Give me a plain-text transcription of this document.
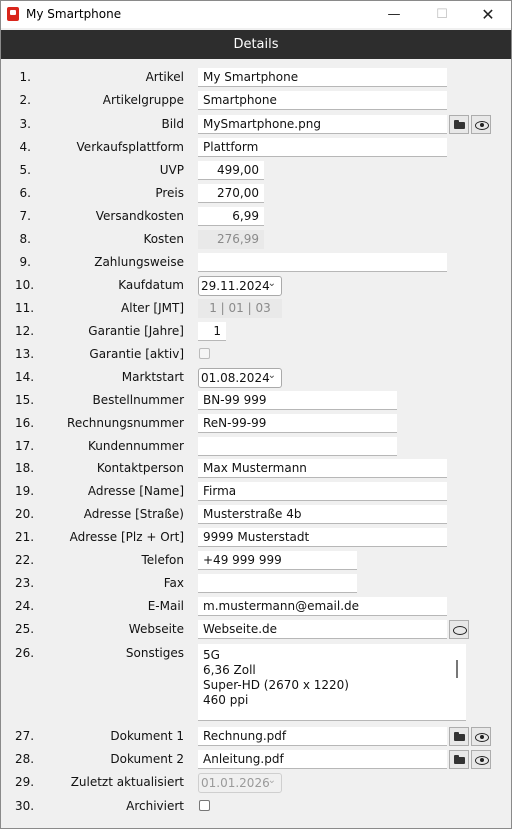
My Smartphone	—	☐	✕
Details
1.	Artikel	My Smartphone
2.	Artikelgruppe	Smartphone
3.	Bild	MySmartphone.png
4.	Verkaufsplattform	Plattform
5.	UVP	499,00
6.	Preis	270,00
7.	Versandkosten	6,99
8.	Kosten	276,99
9.	Zahlungsweise
10.	Kaufdatum 29.11.2024
⌄
11.	Alter [JMT]	1 | 01 | 03
12.	Garantie [Jahre]	1
13.	Garantie [aktiv]
14.	Marktstart 01.08.2024
⌄
15.	Bestellnummer	BN-99 999
16.	Rechnungsnummer	ReN-99-99
17.	Kundennummer
18.	Kontaktperson	Max Mustermann
19.	Adresse [Name]	Firma
20.	Adresse [Straße)	Musterstraße 4b
21.	Adresse [Plz + Ort]	9999 Musterstadt
22.	Telefon	+49 999 999
23.	Fax
24.	E-Mail	m.mustermann@email.de
25.	Webseite	Webseite.de
26.	Sonstiges 5G
6,36 Zoll
Super-HD (2670 x 1220)
460 ppi
27.	Dokument 1	Rechnung.pdf
28.	Dokument 2	Anleitung.pdf
29.	Zuletzt aktualisiert 01.01.2026
⌄
30.	Archiviert
